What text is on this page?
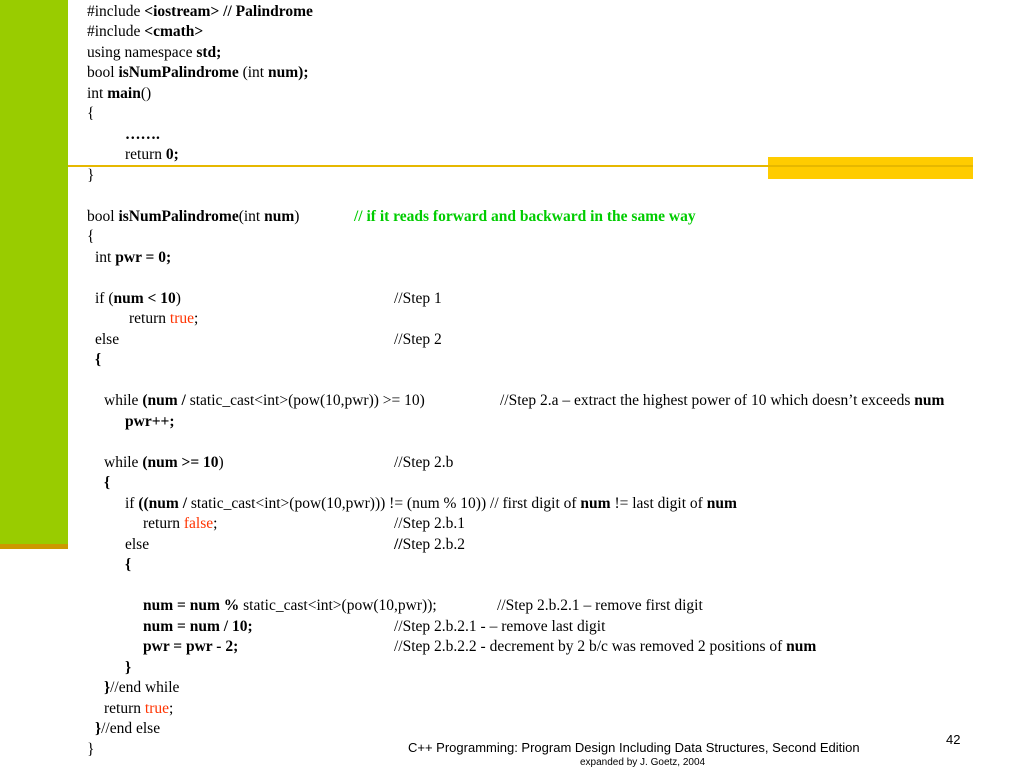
#include <iostream> // Palindrome
#include <cmath>
using namespace std;
bool isNumPalindrome (int num);
int main()
{
…….
return 0;
}
bool isNumPalindrome(int num)	// if it reads forward and backward in the same way
{
int pwr = 0;
if (num < 10)	//Step 1
return true;
else	//Step 2
{
while (num / static_cast<int>(pow(10,pwr)) >= 10)	//Step 2.a – extract the highest power of 10 which doesn’t exceeds num
pwr++;
while (num >= 10)	//Step 2.b
{
if ((num / static_cast<int>(pow(10,pwr))) != (num % 10)) // first digit of num != last digit of num
return false;	//Step 2.b.1
else	//Step 2.b.2
{
num = num % static_cast<int>(pow(10,pwr));	//Step 2.b.2.1 – remove first digit
num = num / 10;	//Step 2.b.2.1 - – remove last digit
pwr = pwr - 2;	//Step 2.b.2.2 - decrement by 2 b/c was removed 2 positions of num
}
}//end while
return true;
}//end else
}	C++ Programming: Program Design Including Data Structures, Second Edition
expanded by J. Goetz, 2004
42
